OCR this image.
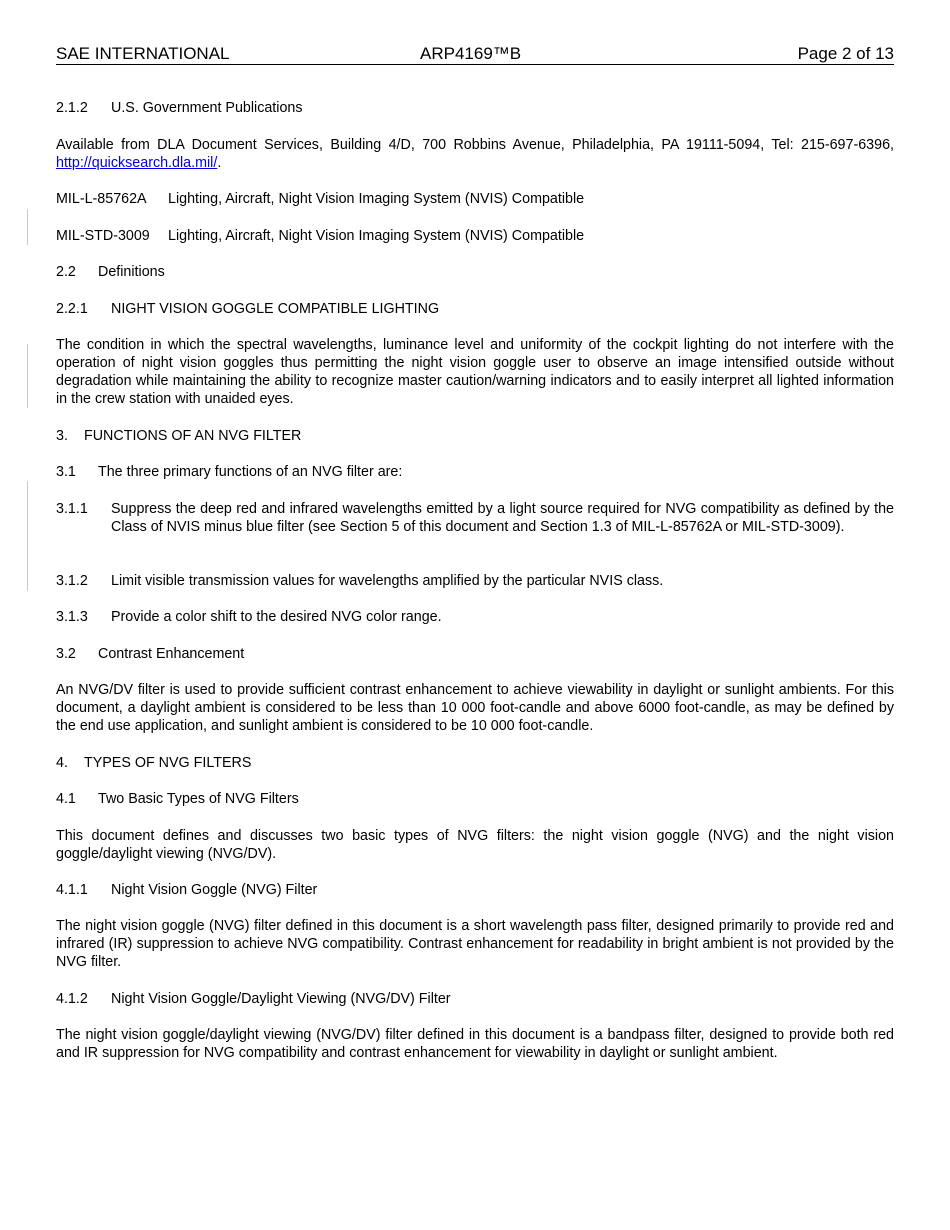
SAE INTERNATIONAL	ARP4169™B	Page 2 of 13
2.1.2 U.S. Government Publications
Available from DLA Document Services, Building 4/D, 700 Robbins Avenue, Philadelphia, PA 19111-5094, Tel: 215-697-6396, http://quicksearch.dla.mil/.
MIL-L-85762A Lighting, Aircraft, Night Vision Imaging System (NVIS) Compatible
MIL-STD-3009 Lighting, Aircraft, Night Vision Imaging System (NVIS) Compatible
2.2 Definitions
2.2.1 NIGHT VISION GOGGLE COMPATIBLE LIGHTING
The condition in which the spectral wavelengths, luminance level and uniformity of the cockpit lighting do not interfere with the operation of night vision goggles thus permitting the night vision goggle user to observe an image intensified outside without degradation while maintaining the ability to recognize master caution/warning indicators and to easily interpret all lighted information in the crew station with unaided eyes.
3. FUNCTIONS OF AN NVG FILTER
3.1 The three primary functions of an NVG filter are:
3.1.1	Suppress the deep red and infrared wavelengths emitted by a light source required for NVG compatibility as defined by the Class of NVIS minus blue filter (see Section 5 of this document and Section 1.3 of MIL-L-85762A or MIL-STD-3009).
3.1.2	Limit visible transmission values for wavelengths amplified by the particular NVIS class.
3.1.3	Provide a color shift to the desired NVG color range.
3.2 Contrast Enhancement
An NVG/DV filter is used to provide sufficient contrast enhancement to achieve viewability in daylight or sunlight ambients. For this document, a daylight ambient is considered to be less than 10 000 foot-candle and above 6000 foot-candle, as may be defined by the end use application, and sunlight ambient is considered to be 10 000 foot-candle.
4. TYPES OF NVG FILTERS
4.1 Two Basic Types of NVG Filters
This document defines and discusses two basic types of NVG filters: the night vision goggle (NVG) and the night vision goggle/daylight viewing (NVG/DV).
4.1.1 Night Vision Goggle (NVG) Filter
The night vision goggle (NVG) filter defined in this document is a short wavelength pass filter, designed primarily to provide red and infrared (IR) suppression to achieve NVG compatibility. Contrast enhancement for readability in bright ambient is not provided by the NVG filter.
4.1.2 Night Vision Goggle/Daylight Viewing (NVG/DV) Filter
The night vision goggle/daylight viewing (NVG/DV) filter defined in this document is a bandpass filter, designed to provide both red and IR suppression for NVG compatibility and contrast enhancement for viewability in daylight or sunlight ambient.
